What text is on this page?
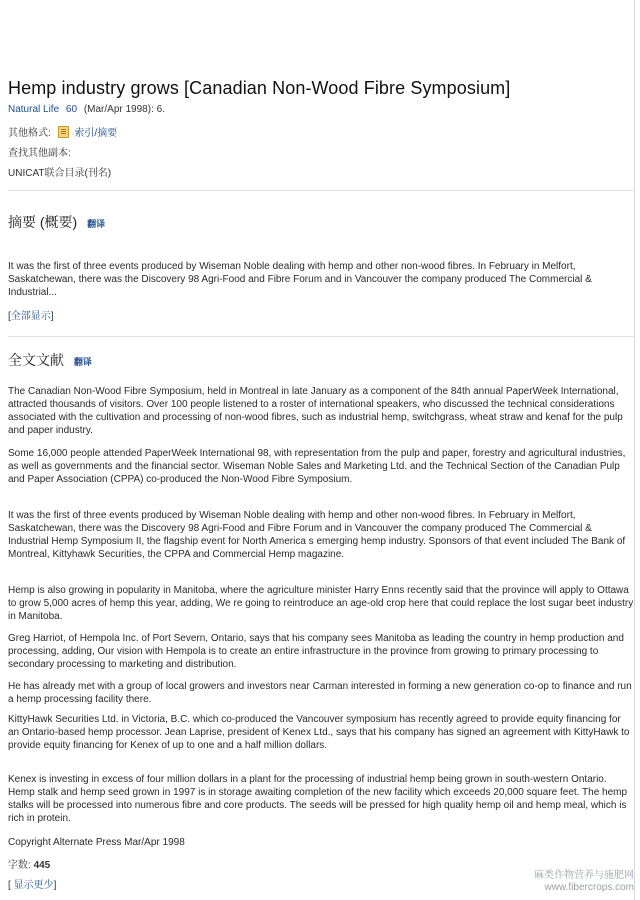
Hemp industry grows [Canadian Non-Wood Fibre Symposium]
Natural Life 60 (Mar/Apr 1998): 6.
其他格式: 索引/摘要
查找其他副本:
UNICAT联合目录(刊名)
摘要 (概要) 翻译

It was the first of three events produced by Wiseman Noble dealing with hemp and other non-wood fibres. In February in Melfort, Saskatchewan, there was the Discovery 98 Agri-Food and Fibre Forum and in Vancouver the company produced The Commercial & Industrial...

[全部显示]
全文文献 翻译

The Canadian Non-Wood Fibre Symposium, held in Montreal in late January as a component of the 84th annual PaperWeek International, attracted thousands of visitors. Over 100 people listened to a roster of international speakers, who discussed the technical considerations associated with the cultivation and processing of non-wood fibres, such as industrial hemp, switchgrass, wheat straw and kenaf for the pulp and paper industry.

Some 16,000 people attended PaperWeek International 98, with representation from the pulp and paper, forestry and agricultural industries, as well as governments and the financial sector. Wiseman Noble Sales and Marketing Ltd. and the Technical Section of the Canadian Pulp and Paper Association (CPPA) co-produced the Non-Wood Fibre Symposium.

It was the first of three events produced by Wiseman Noble dealing with hemp and other non-wood fibres. In February in Melfort, Saskatchewan, there was the Discovery 98 Agri-Food and Fibre Forum and in Vancouver the company produced The Commercial & Industrial Hemp Symposium II, the flagship event for North America s emerging hemp industry. Sponsors of that event included The Bank of Montreal, Kittyhawk Securities, the CPPA and Commercial Hemp magazine.

Hemp is also growing in popularity in Manitoba, where the agriculture minister Harry Enns recently said that the province will apply to Ottawa to grow 5,000 acres of hemp this year, adding, We re going to reintroduce an age-old crop here that could replace the lost sugar beet industry in Manitoba.

Greg Harriot, of Hempola Inc. of Port Severn, Ontario, says that his company sees Manitoba as leading the country in hemp production and processing, adding, Our vision with Hempola is to create an entire infrastructure in the province from growing to primary processing to secondary processing to marketing and distribution.

He has already met with a group of local growers and investors near Carman interested in forming a new generation co-op to finance and run a hemp processing facility there.

KittyHawk Securities Ltd. in Victoria, B.C. which co-produced the Vancouver symposium has recently agreed to provide equity financing for an Ontario-based hemp processor. Jean Laprise, president of Kenex Ltd., says that his company has signed an agreement with KittyHawk to provide equity financing for Kenex of up to one and a half million dollars.

Kenex is investing in excess of four million dollars in a plant for the processing of industrial hemp being grown in south-western Ontario. Hemp stalk and hemp seed grown in 1997 is in storage awaiting completion of the new facility which exceeds 20,000 square feet. The hemp stalks will be processed into numerous fibre and core products. The seeds will be pressed for high quality hemp oil and hemp meal, which is rich in protein.

Copyright Alternate Press Mar/Apr 1998

字数: 445
[ 显示更少]
麻类作物营养与施肥网
www.fibercrops.com
